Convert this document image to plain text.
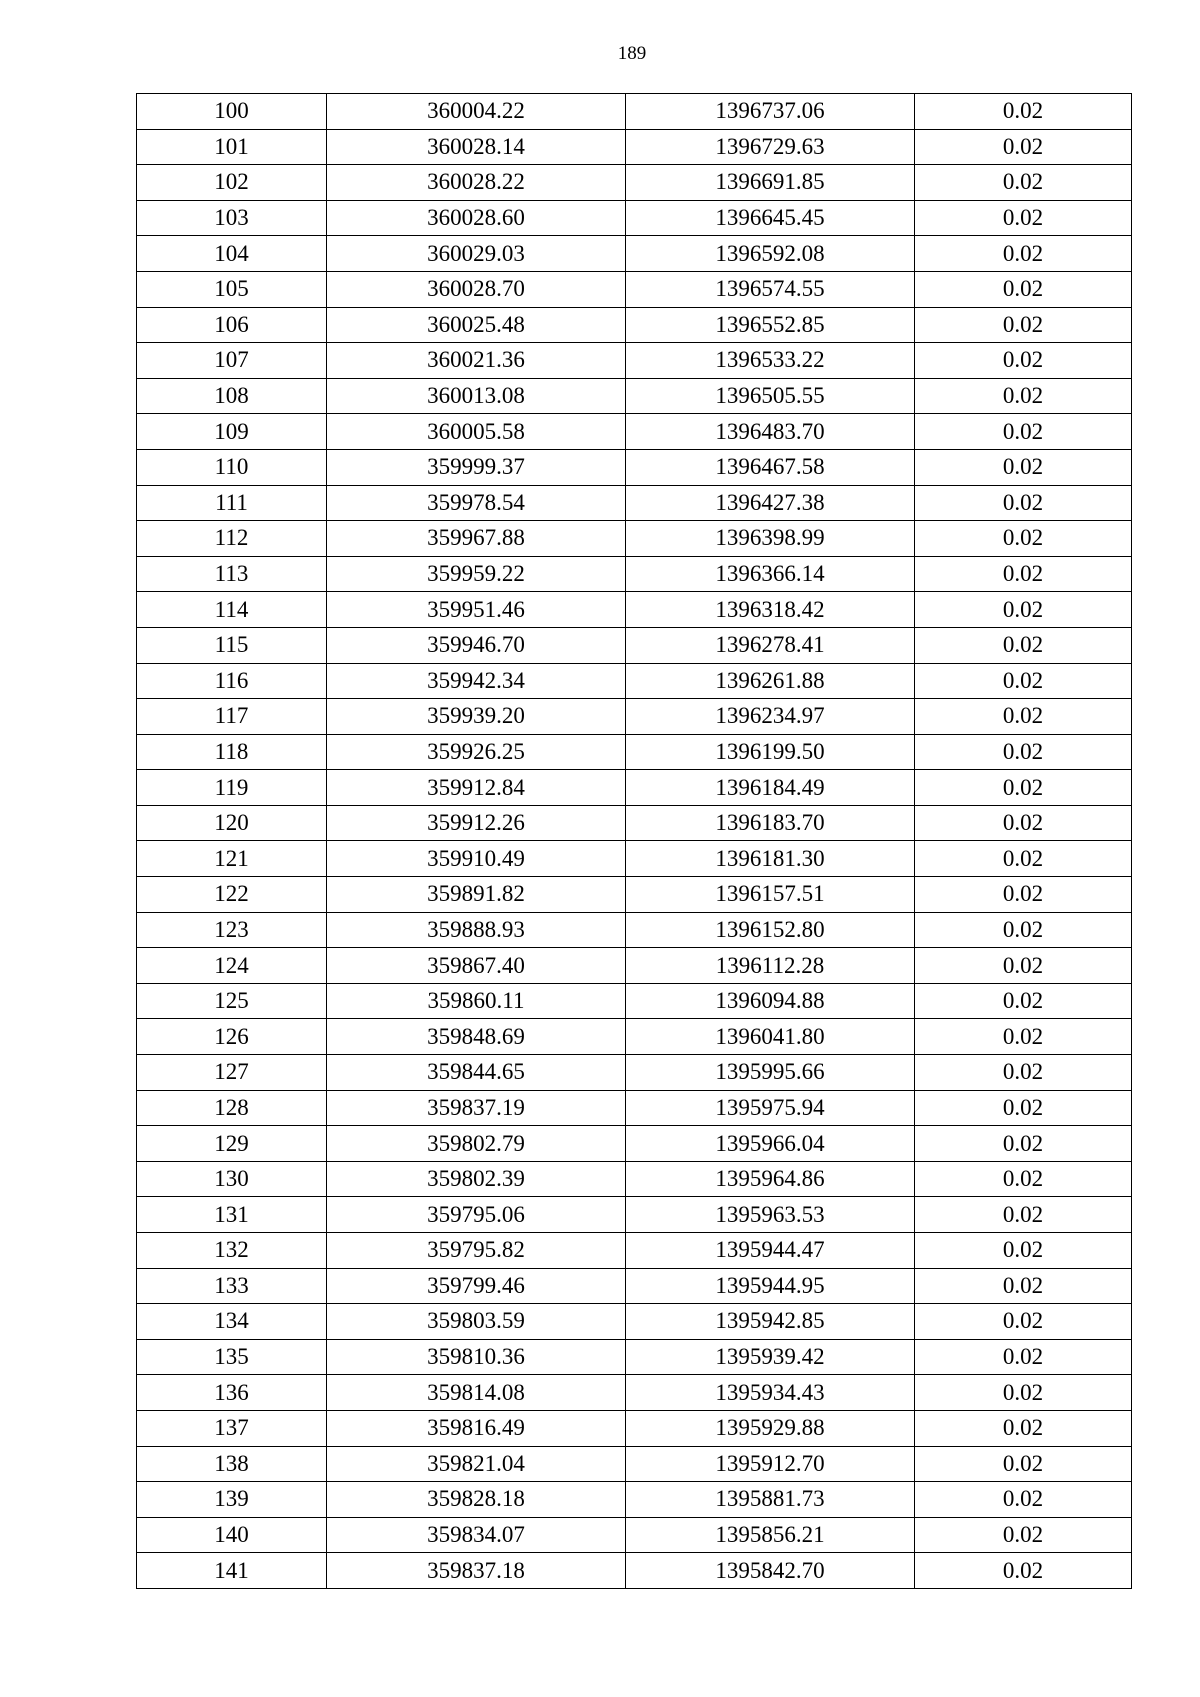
189
100	360004.22	1396737.06	0.02
101	360028.14	1396729.63	0.02
102	360028.22	1396691.85	0.02
103	360028.60	1396645.45	0.02
104	360029.03	1396592.08	0.02
105	360028.70	1396574.55	0.02
106	360025.48	1396552.85	0.02
107	360021.36	1396533.22	0.02
108	360013.08	1396505.55	0.02
109	360005.58	1396483.70	0.02
110	359999.37	1396467.58	0.02
111	359978.54	1396427.38	0.02
112	359967.88	1396398.99	0.02
113	359959.22	1396366.14	0.02
114	359951.46	1396318.42	0.02
115	359946.70	1396278.41	0.02
116	359942.34	1396261.88	0.02
117	359939.20	1396234.97	0.02
118	359926.25	1396199.50	0.02
119	359912.84	1396184.49	0.02
120	359912.26	1396183.70	0.02
121	359910.49	1396181.30	0.02
122	359891.82	1396157.51	0.02
123	359888.93	1396152.80	0.02
124	359867.40	1396112.28	0.02
125	359860.11	1396094.88	0.02
126	359848.69	1396041.80	0.02
127	359844.65	1395995.66	0.02
128	359837.19	1395975.94	0.02
129	359802.79	1395966.04	0.02
130	359802.39	1395964.86	0.02
131	359795.06	1395963.53	0.02
132	359795.82	1395944.47	0.02
133	359799.46	1395944.95	0.02
134	359803.59	1395942.85	0.02
135	359810.36	1395939.42	0.02
136	359814.08	1395934.43	0.02
137	359816.49	1395929.88	0.02
138	359821.04	1395912.70	0.02
139	359828.18	1395881.73	0.02
140	359834.07	1395856.21	0.02
141	359837.18	1395842.70	0.02
